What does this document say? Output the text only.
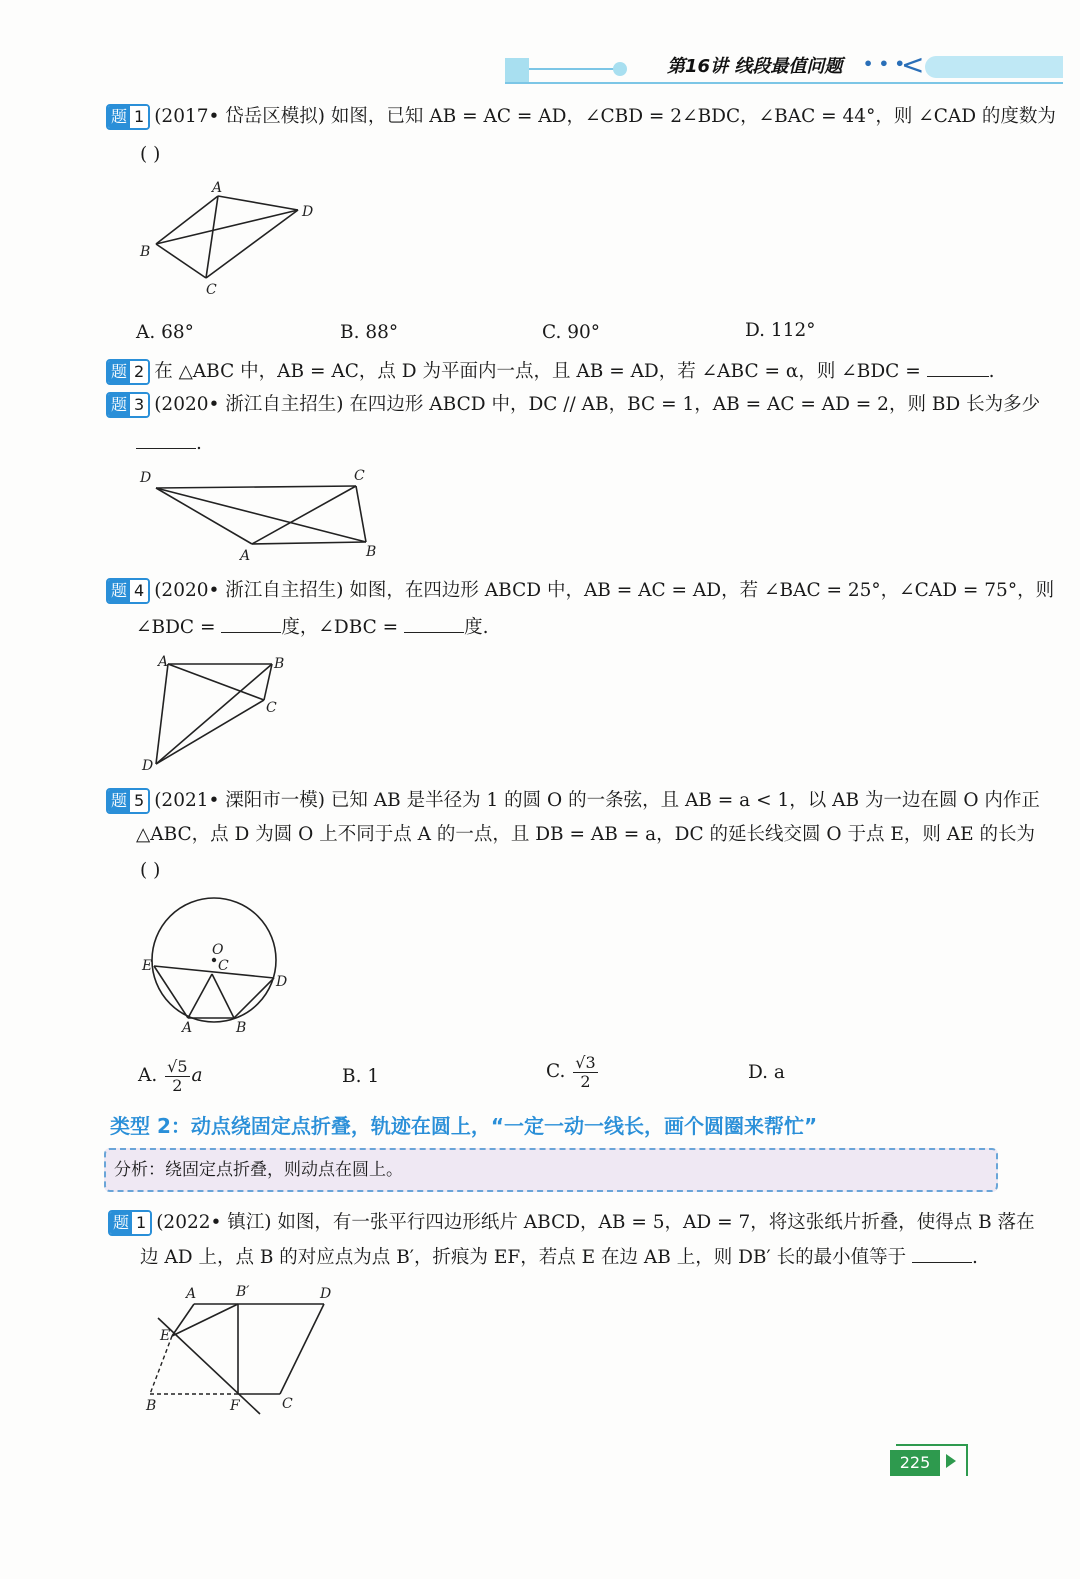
第16讲 线段最值问题 • • •
<
题 1 (2017• 岱岳区模拟) 如图，已知 AB = AC = AD，∠CBD = 2∠BDC，∠BAC = 44°，则 ∠CAD 的度数为
( )
A
D
B
C
A. 68°	B. 88°	C. 90°	D. 112°
题 2 在 △ABC 中，AB = AC，点 D 为平面内一点，且 AB = AD，若 ∠ABC = α，则 ∠BDC =	.
题 3 (2020• 浙江自主招生) 在四边形 ABCD 中，DC // AB，BC = 1，AB = AC = AD = 2，则 BD 长为多少
.
D	C
A	B
题 4 (2020• 浙江自主招生) 如图，在四边形 ABCD 中，AB = AC = AD，若 ∠BAC = 25°，∠CAD = 75°，则
∠BDC =	度，∠DBC =	度.
A	B
C
D
题 5 (2021• 溧阳市一模) 已知 AB 是半径为 1 的圆 O 的一条弦，且 AB = a < 1，以 AB 为一边在圆 O 内作正
△ABC，点 D 为圆 O 上不同于点 A 的一点，且 DB = AB = a，DC 的延长线交圆 O 于点 E，则 AE 的长为
( )
O
C
E
D
A	B
A. $\frac{√5}{2}$ a	B. 1	C. $\frac{√3}{2}$	D. a
类型 2：动点绕固定点折叠，轨迹在圆上，“一定一动一线长，画个圆圈来帮忙”
分析：绕固定点折叠，则动点在圆上。
题 1 (2022• 镇江) 如图，有一张平行四边形纸片 ABCD，AB = 5，AD = 7，将这张纸片折叠，使得点 B 落在
边 AD 上，点 B 的对应点为点 B′，折痕为 EF，若点 E 在边 AB 上，则 DB′ 长的最小值等于	.
A	B′	D
E
B	F	C
225
